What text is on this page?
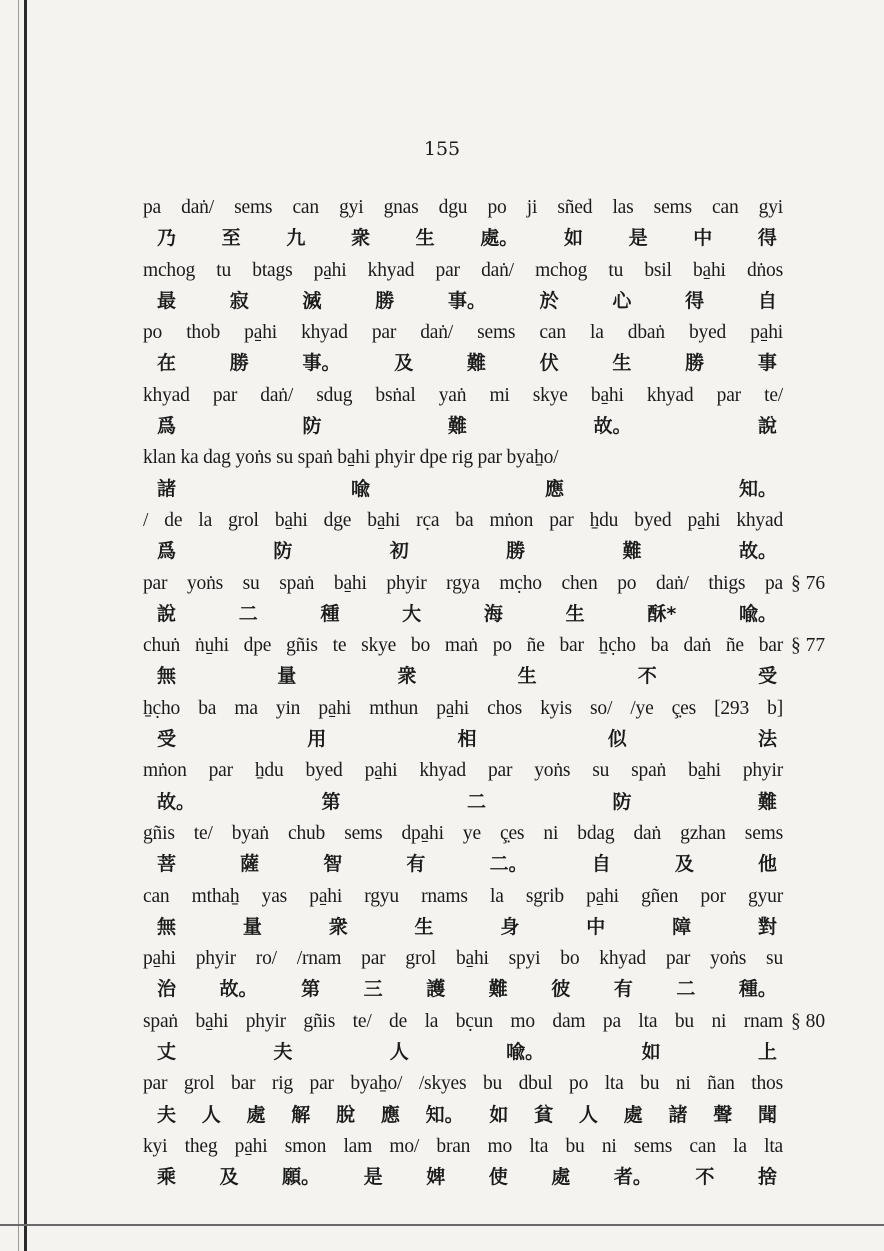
155
pa daṅ/ sems can gyi gnas dgu po ji sñed las sems can gyi
乃 至 九 衆 生 處。 如 是 中 得
mchog tu btags pa̱hi khyad par daṅ/ mchog tu bsil ba̱hi dṅos
最	寂	滅	勝	事。	於	心	得	自
po thob pa̱hi khyad par daṅ/ sems can la dbaṅ byed pa̱hi
在	勝	事。	及	難	伏	生	勝	事
khyad par daṅ/ sdug bsṅal yaṅ mi skye ba̱hi khyad par te/
爲	防	難	故。	說
klan ka dag yoṅs su spaṅ ba̱hi phyir dpe rig par byaẖo/
諸	喩	應	知。
/ de la grol ba̱hi dge ba̱hi rc̣a ba mṅon par ẖdu byed pa̱hi khyad
爲	防	初	勝	難	故。
par yoṅs su spaṅ ba̱hi phyir rgya mc̣ho chen po daṅ/ thigs pa § 76
說	二	種	大	海	生	酥*	喩。
chuṅ ṅu̱hi dpe gñis te skye bo maṅ po ñe bar ẖc̣ho ba daṅ ñe bar § 77
無	量	衆	生	不	受
ẖc̣ho ba ma yin pa̱hi mthun pa̱hi chos kyis so/ /ye ç̣es [293 b]
受	用	相	似	法
mṅon par ẖdu byed pa̱hi khyad par yoṅs su spaṅ ba̱hi phyir
故。	第	二	防	難
gñis te/ byaṅ chub sems dpa̱hi ye ç̣es ni bdag daṅ gzhan sems
菩	薩	智	有	二。	自	及	他
can mthaẖ yas pa̱hi rgyu rnams la sgrib pa̱hi gñen por gyur
無	量	衆	生	身	中	障	對
pa̱hi phyir ro/ /rnam par grol ba̱hi spyi bo khyad par yoṅs su
治 故。 第 三 護 難 彼 有 二 種。
spaṅ ba̱hi phyir gñis te/ de la bc̣un mo dam pa lta bu ni rnam § 80
丈	夫	人	喩。	如	上
par grol bar rig par byaẖo/ /skyes bu dbul po lta bu ni ñan thos
夫 人 處 解 脫 應 知。 如 貧 人 處 諸 聲 聞
kyi theg pa̱hi smon lam mo/ bran mo lta bu ni sems can la lta
乘 及 願。 是 婢 使 處 者。 不 捨
